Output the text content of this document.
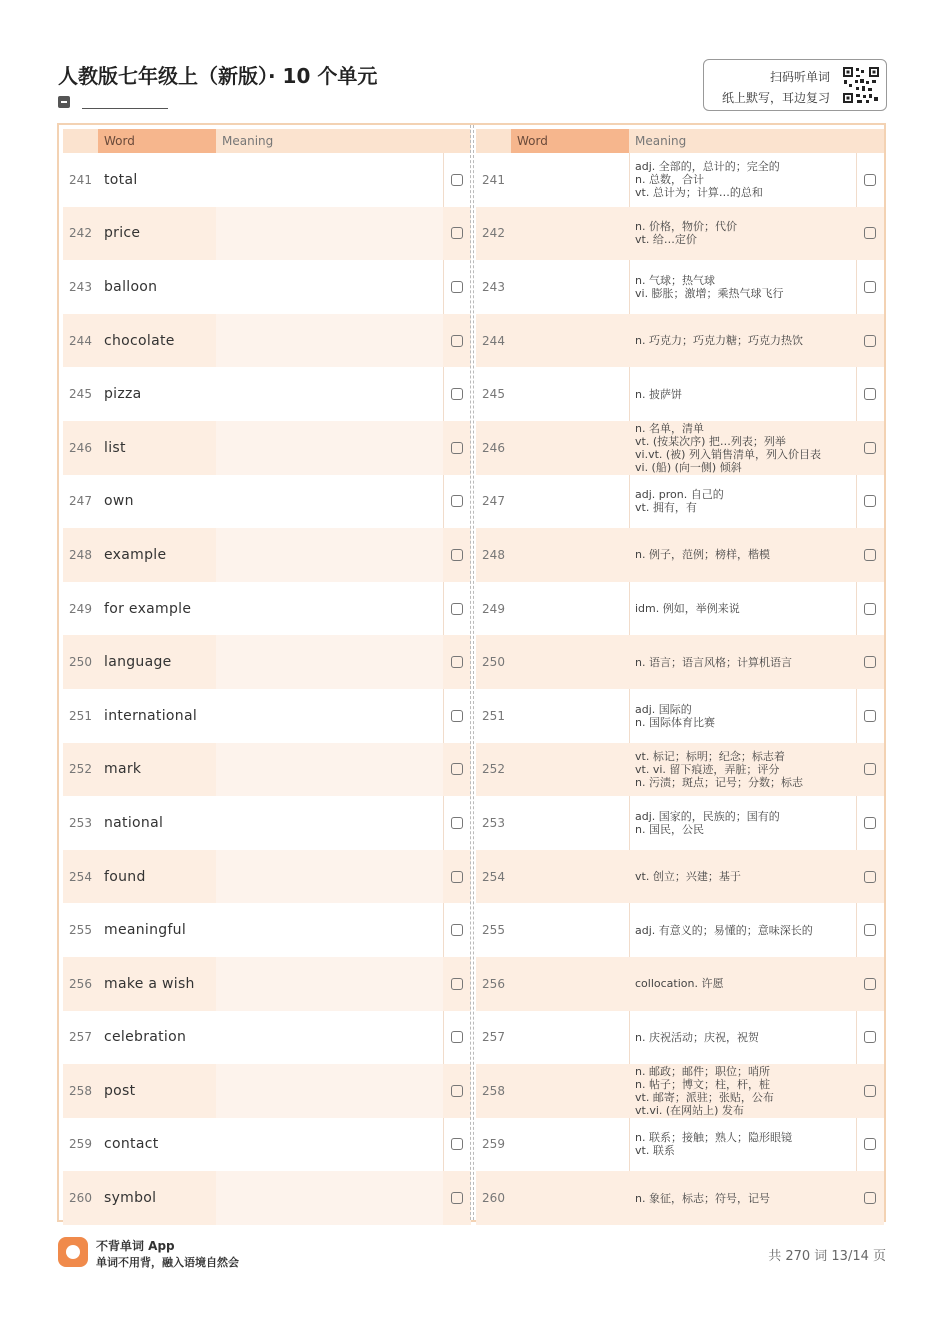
人教版七年级上（新版）· 10 个单元	扫码听单词
纸上默写，耳边复习
Word	Meaning
241 total
242 price
243 balloon
244 chocolate
245 pizza
246 list
247 own
248 example
249 for example
250 language
251 international
252 mark
253 national
254 found
255 meaningful
256 make a wish
257 celebration
258 post
259 contact
260 symbol
Word	Meaning
241
adj. 全部的，总计的；完全的
n. 总数，合计
vt. 总计为；计算…的总和
242	n. 价格，物价；代价
vt. 给…定价
243	n. 气球；热气球
vi. 膨胀；激增；乘热气球飞行
244	n. 巧克力；巧克力糖；巧克力热饮
245	n. 披萨饼
246
n. 名单，清单
vt. (按某次序) 把…列表；列举
vi.vt. (被) 列入销售清单，列入价目表
vi. (船) (向一侧) 倾斜
247	adj. pron. 自己的
vt. 拥有，有
248	n. 例子，范例；榜样，楷模
249	idm. 例如，举例来说
250	n. 语言；语言风格；计算机语言
251	adj. 国际的
n. 国际体育比赛
252
vt. 标记；标明；纪念；标志着
vt. vi. 留下痕迹，弄脏；评分
n. 污渍；斑点；记号；分数；标志
253	adj. 国家的，民族的；国有的
n. 国民，公民
254	vt. 创立；兴建；基于
255	adj. 有意义的；易懂的；意味深长的
256	collocation. 许愿
257	n. 庆祝活动；庆祝，祝贺
258
n. 邮政；邮件；职位；哨所
n. 帖子；博文；柱，杆，桩
vt. 邮寄；派驻；张贴，公布
vt.vi. (在网站上) 发布
259	n. 联系；接触；熟人；隐形眼镜
vt. 联系
260	n. 象征，标志；符号，记号
不背单词 App
单词不用背，融入语境自然会	共 270 词 13/14 页
